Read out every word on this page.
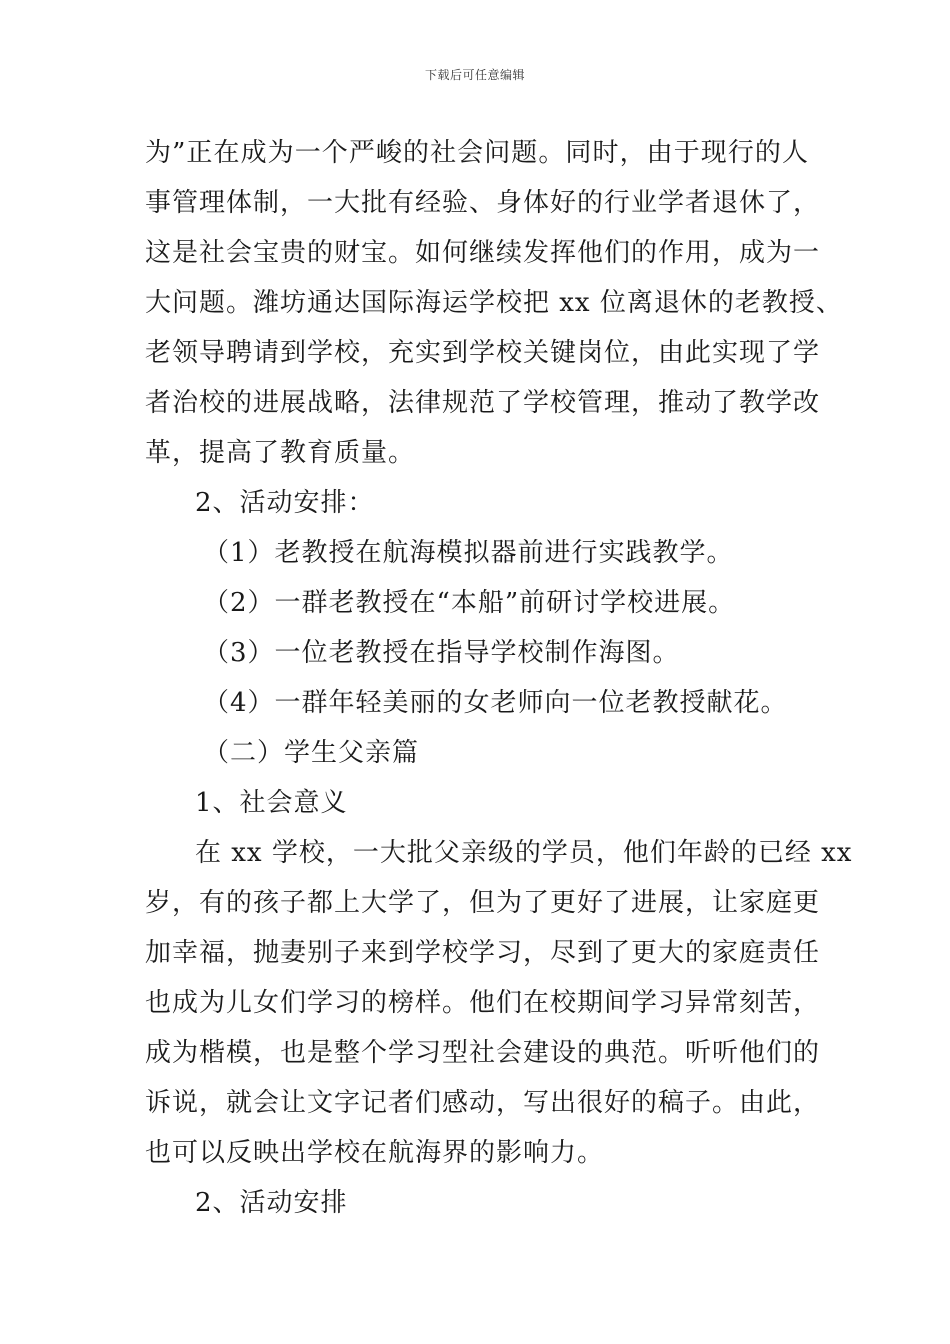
下载后可任意编辑
为”正在成为一个严峻的社会问题。同时，由于现行的人
事管理体制，一大批有经验、身体好的行业学者退休了，
这是社会宝贵的财宝。如何继续发挥他们的作用，成为一
大问题。潍坊通达国际海运学校把 xx 位离退休的老教授、
老领导聘请到学校，充实到学校关键岗位，由此实现了学
者治校的进展战略，法律规范了学校管理，推动了教学改
革，提高了教育质量。
2、活动安排：
（1）老教授在航海模拟器前进行实践教学。
（2）一群老教授在“本船”前研讨学校进展。
（3）一位老教授在指导学校制作海图。
（4）一群年轻美丽的女老师向一位老教授献花。
（二）学生父亲篇
1、社会意义
在 xx 学校，一大批父亲级的学员，他们年龄的已经 xx
岁，有的孩子都上大学了，但为了更好了进展，让家庭更
加幸福，抛妻别子来到学校学习，尽到了更大的家庭责任
也成为儿女们学习的榜样。他们在校期间学习异常刻苦，
成为楷模，也是整个学习型社会建设的典范。听听他们的
诉说，就会让文字记者们感动，写出很好的稿子。由此，
也可以反映出学校在航海界的影响力。
2、活动安排
